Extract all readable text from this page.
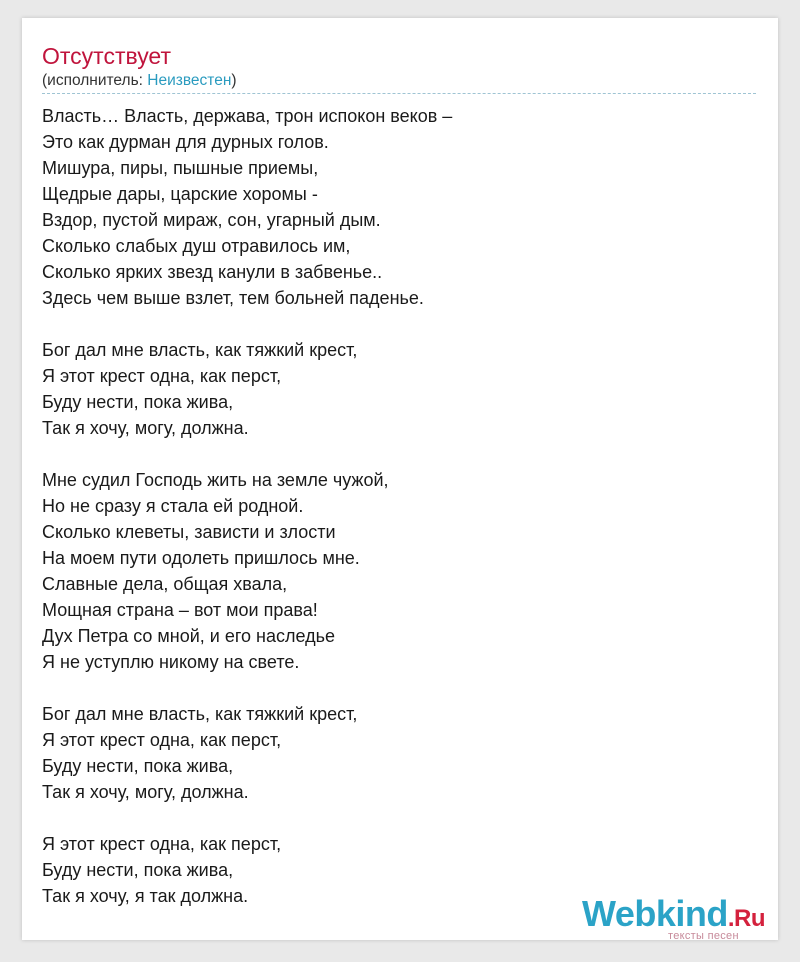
Отсутствует
(исполнитель: Неизвестен)
Власть… Власть, держава, трон испокон веков –
Это как дурман для дурных голов.
Мишура, пиры, пышные приемы,
Щедрые дары, царские хоромы -
Вздор, пустой мираж, сон, угарный дым.
Сколько слабых душ отравилось им,
Сколько ярких звезд канули в забвенье..
Здесь чем выше взлет, тем больней паденье.
Бог дал мне власть, как тяжкий крест,
Я этот крест одна, как перст,
Буду нести, пока жива,
Так я хочу, могу, должна.
Мне судил Господь жить на земле чужой,
Но не сразу я стала ей родной.
Сколько клеветы, зависти и злости
На моем пути одолеть пришлось мне.
Славные дела, общая хвала,
Мощная страна – вот мои права!
Дух Петра со мной, и его наследье
Я не уступлю никому на свете.
Бог дал мне власть, как тяжкий крест,
Я этот крест одна, как перст,
Буду нести, пока жива,
Так я хочу, могу, должна.
Я этот крест одна, как перст,
Буду нести, пока жива,
Так я хочу, я так должна.	Webkind.Ru
тексты песен
